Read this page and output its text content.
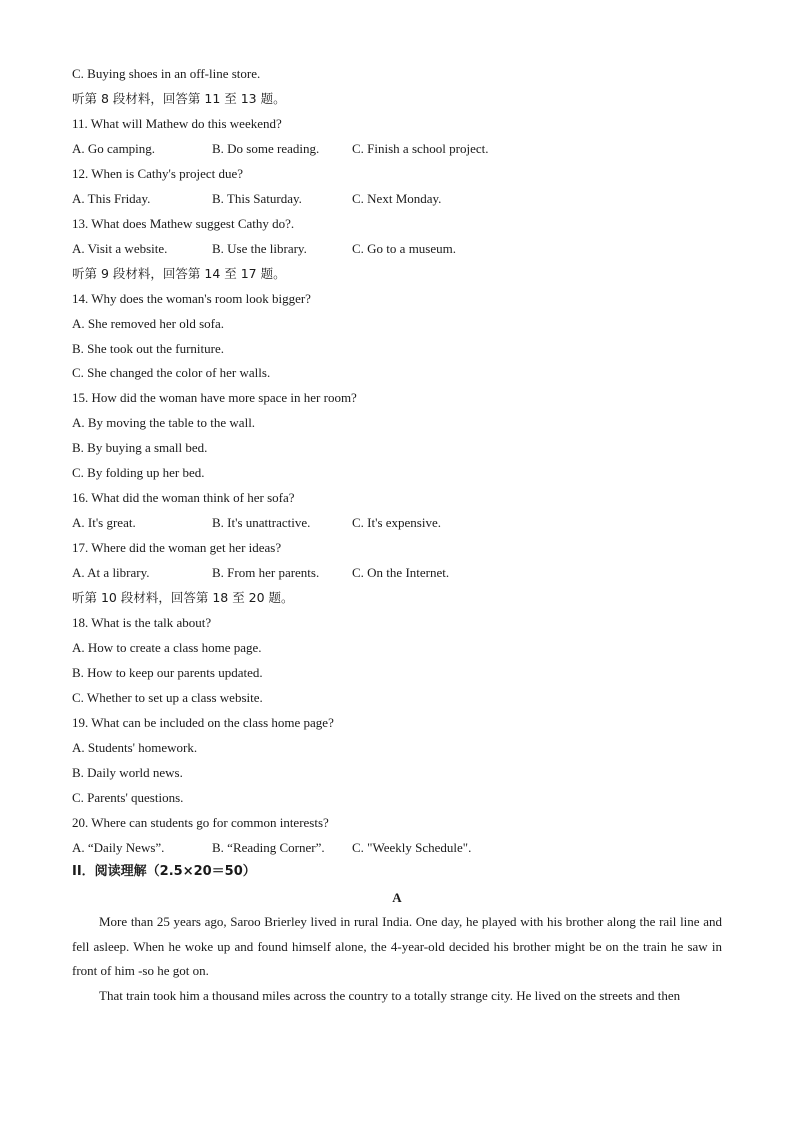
C. Buying shoes in an off-line store.
听第 8 段材料，回答第 11 至 13 题。
11. What will Mathew do this weekend?
A. Go camping.	B. Do some reading.	C. Finish a school project.
12. When is Cathy's project due?
A. This Friday.	B. This Saturday.	C. Next Monday.
13. What does Mathew suggest Cathy do?.
A. Visit a website.	B. Use the library.	C. Go to a museum.
听第 9 段材料，回答第 14 至 17 题。
14. Why does the woman's room look bigger?
A. She removed her old sofa.
B. She took out the furniture.
C. She changed the color of her walls.
15. How did the woman have more space in her room?
A. By moving the table to the wall.
B. By buying a small bed.
C. By folding up her bed.
16. What did the woman think of her sofa?
A. It's great.	B. It's unattractive.	C. It's expensive.
17. Where did the woman get her ideas?
A. At a library.	B. From her parents.	C. On the Internet.
听第 10 段材料，回答第 18 至 20 题。
18. What is the talk about?
A. How to create a class home page.
B. How to keep our parents updated.
C. Whether to set up a class website.
19. What can be included on the class home page?
A. Students' homework.
B. Daily world news.
C. Parents' questions.
20. Where can students go for common interests?
A. “Daily News”.	B. “Reading Corner”. C. "Weekly Schedule".
II．阅读理解（2.5×20＝50）
A
More than 25 years ago, Saroo Brierley lived in rural India. One day, he played with his brother along the rail line and fell asleep. When he woke up and found himself alone, the 4-year-old decided his brother might be on the train he saw in front of him -so he got on.
That train took him a thousand miles across the country to a totally strange city. He lived on the streets and then
